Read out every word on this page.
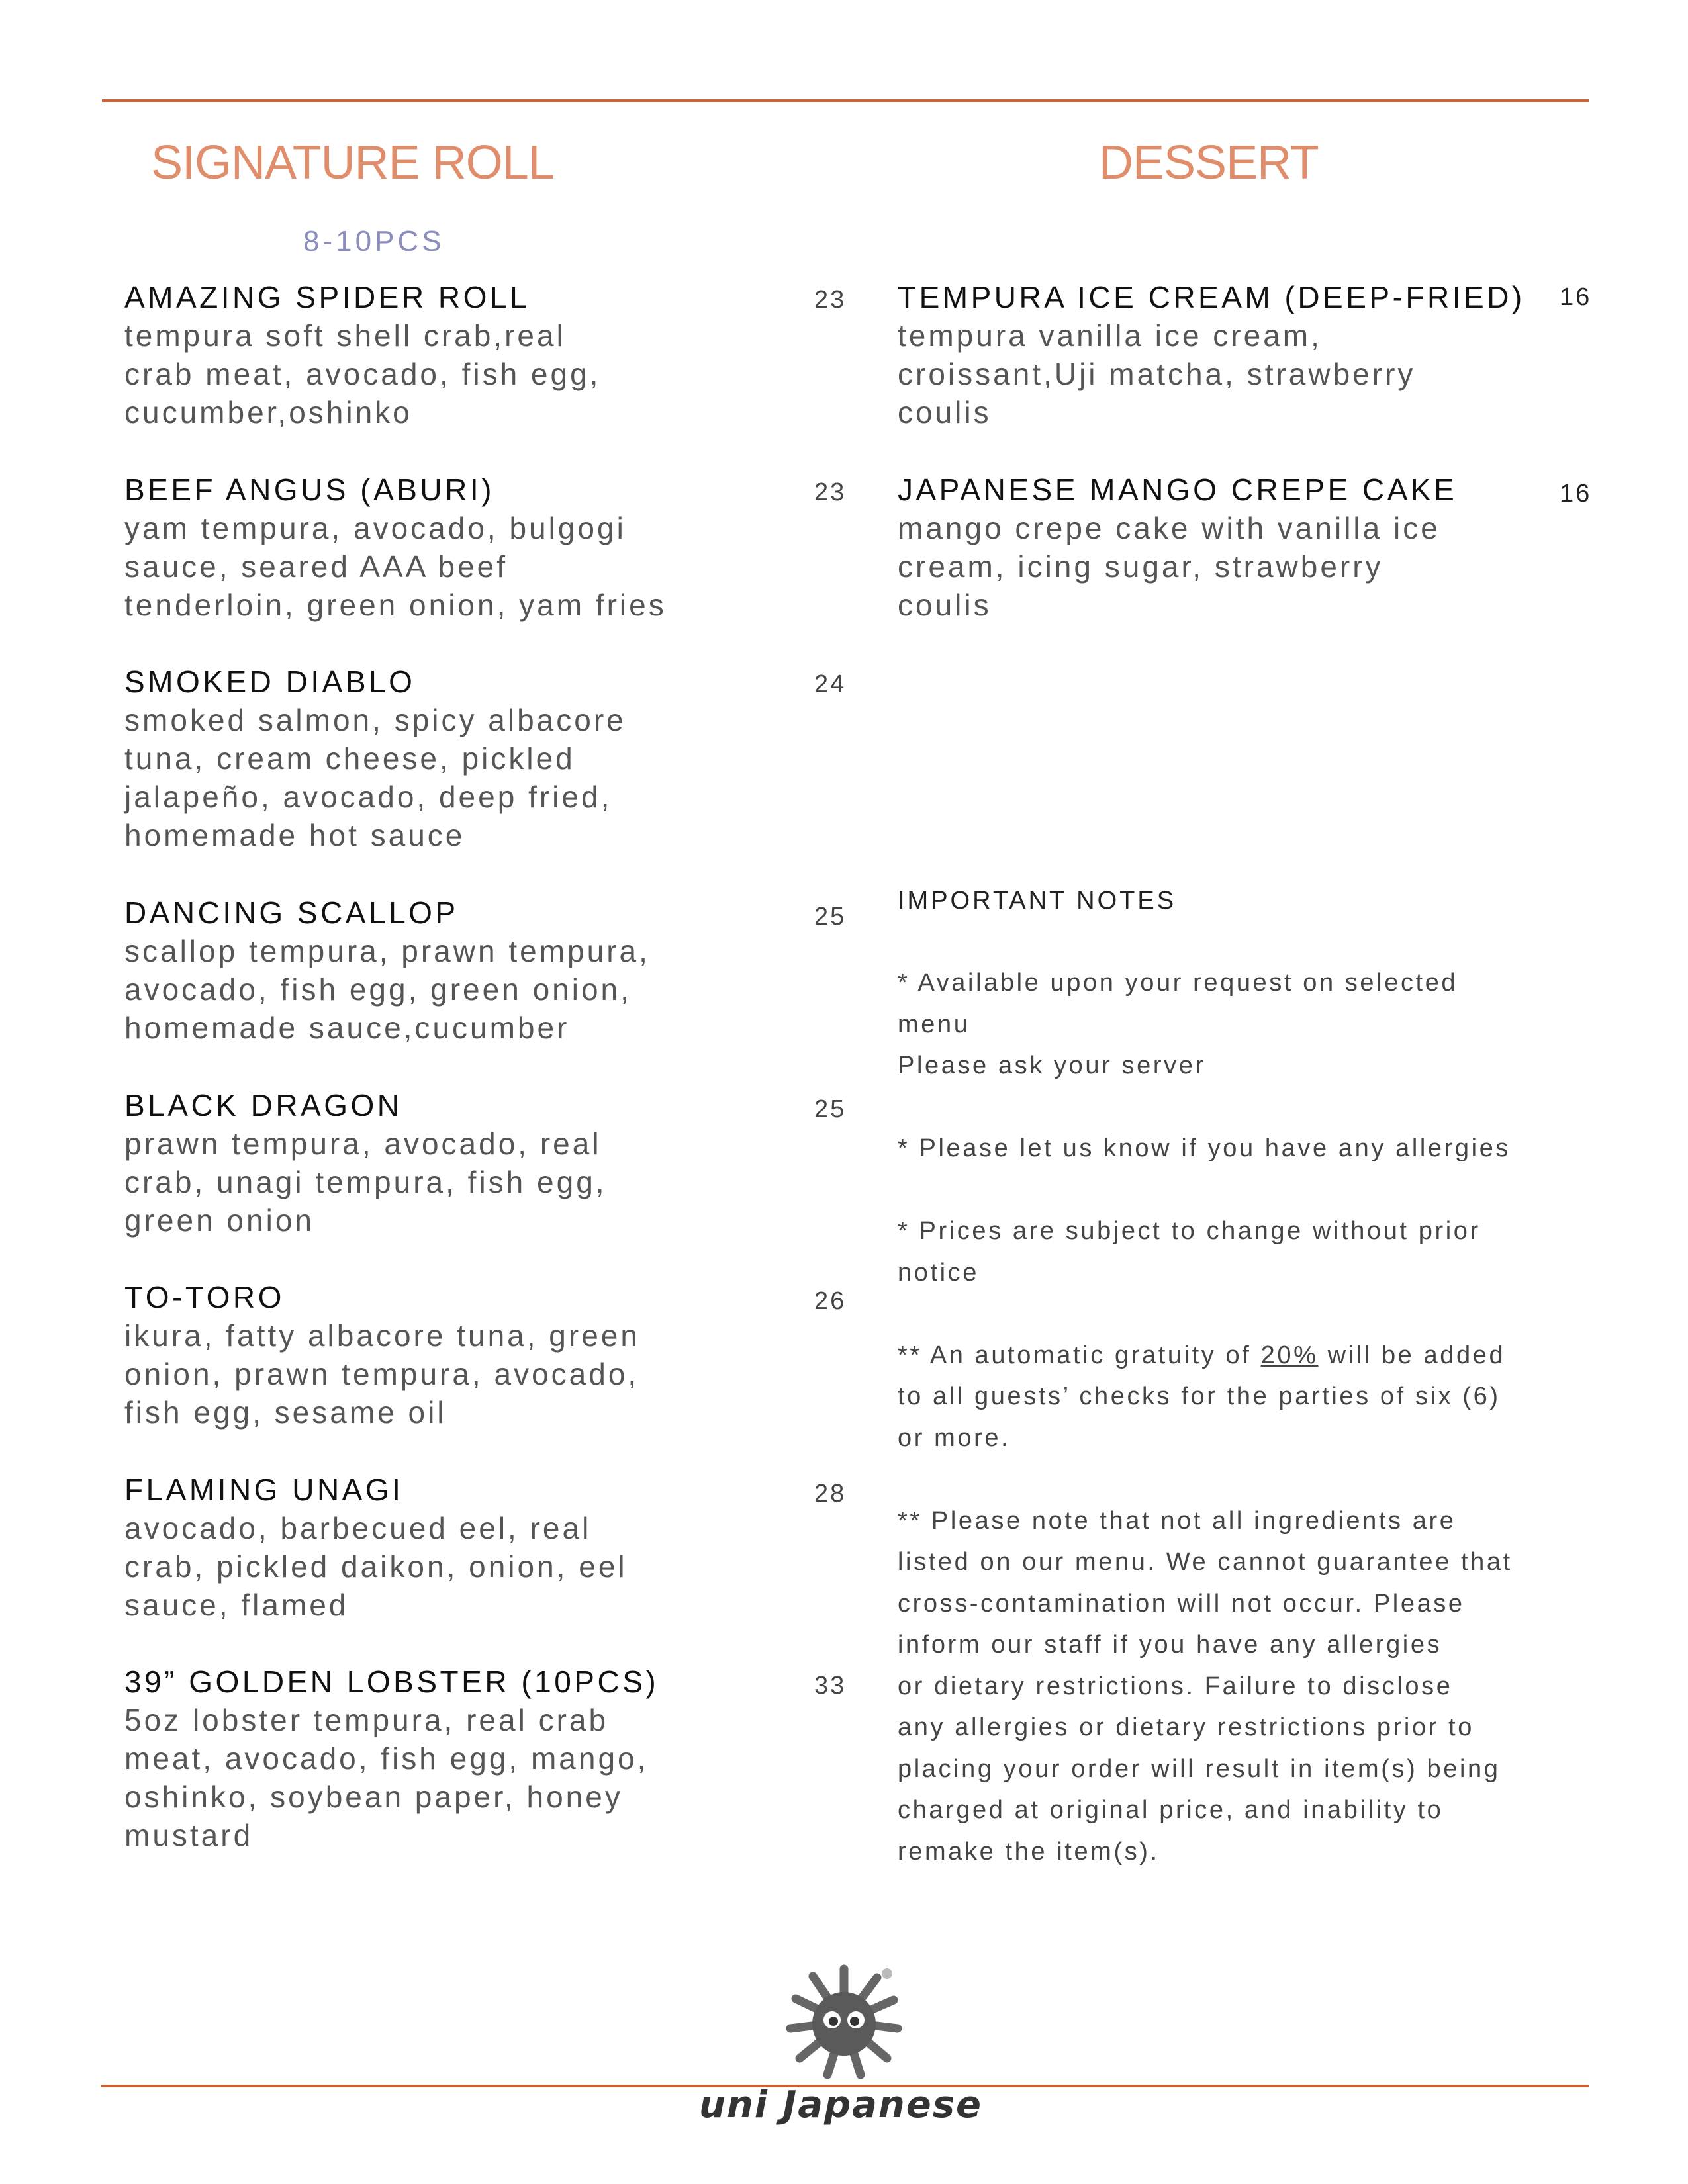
SIGNATURE ROLL
8-10PCS
AMAZING SPIDER ROLL
tempura soft shell crab,real
crab meat, avocado, fish egg,
cucumber,oshinko
23
BEEF ANGUS (ABURI)
yam tempura, avocado, bulgogi
sauce, seared AAA beef
tenderloin, green onion, yam fries
23
SMOKED DIABLO
smoked salmon, spicy albacore
tuna, cream cheese, pickled
jalapeño, avocado, deep fried,
homemade hot sauce
24
DANCING SCALLOP
scallop tempura, prawn tempura,
avocado, fish egg, green onion,
homemade sauce,cucumber
25
BLACK DRAGON
prawn tempura, avocado, real
crab, unagi tempura, fish egg,
green onion
25
TO-TORO
ikura, fatty albacore tuna, green
onion, prawn tempura, avocado,
fish egg, sesame oil
26
FLAMING UNAGI
avocado, barbecued eel, real
crab, pickled daikon, onion, eel
sauce, flamed
28
39” GOLDEN LOBSTER (10PCS)
5oz lobster tempura, real crab
meat, avocado, fish egg, mango,
oshinko, soybean paper, honey
mustard
33
DESSERT
TEMPURA ICE CREAM (DEEP-FRIED)
tempura vanilla ice cream,
croissant,Uji matcha, strawberry
coulis
16
JAPANESE MANGO CREPE CAKE
mango crepe cake with vanilla ice
cream, icing sugar, strawberry
coulis
16
IMPORTANT NOTES
* Available upon your request on selected
menu
Please ask your server
* Please let us know if you have any allergies
* Prices are subject to change without prior
notice
** An automatic gratuity of 20% will be added
to all guests’ checks for the parties of six (6)
or more.
** Please note that not all ingredients are
listed on our menu. We cannot guarantee that
cross-contamination will not occur. Please
inform our staff if you have any allergies
or dietary restrictions. Failure to disclose
any allergies or dietary restrictions prior to
placing your order will result in item(s) being
charged at original price, and inability to
remake the item(s).
uni Japanese
